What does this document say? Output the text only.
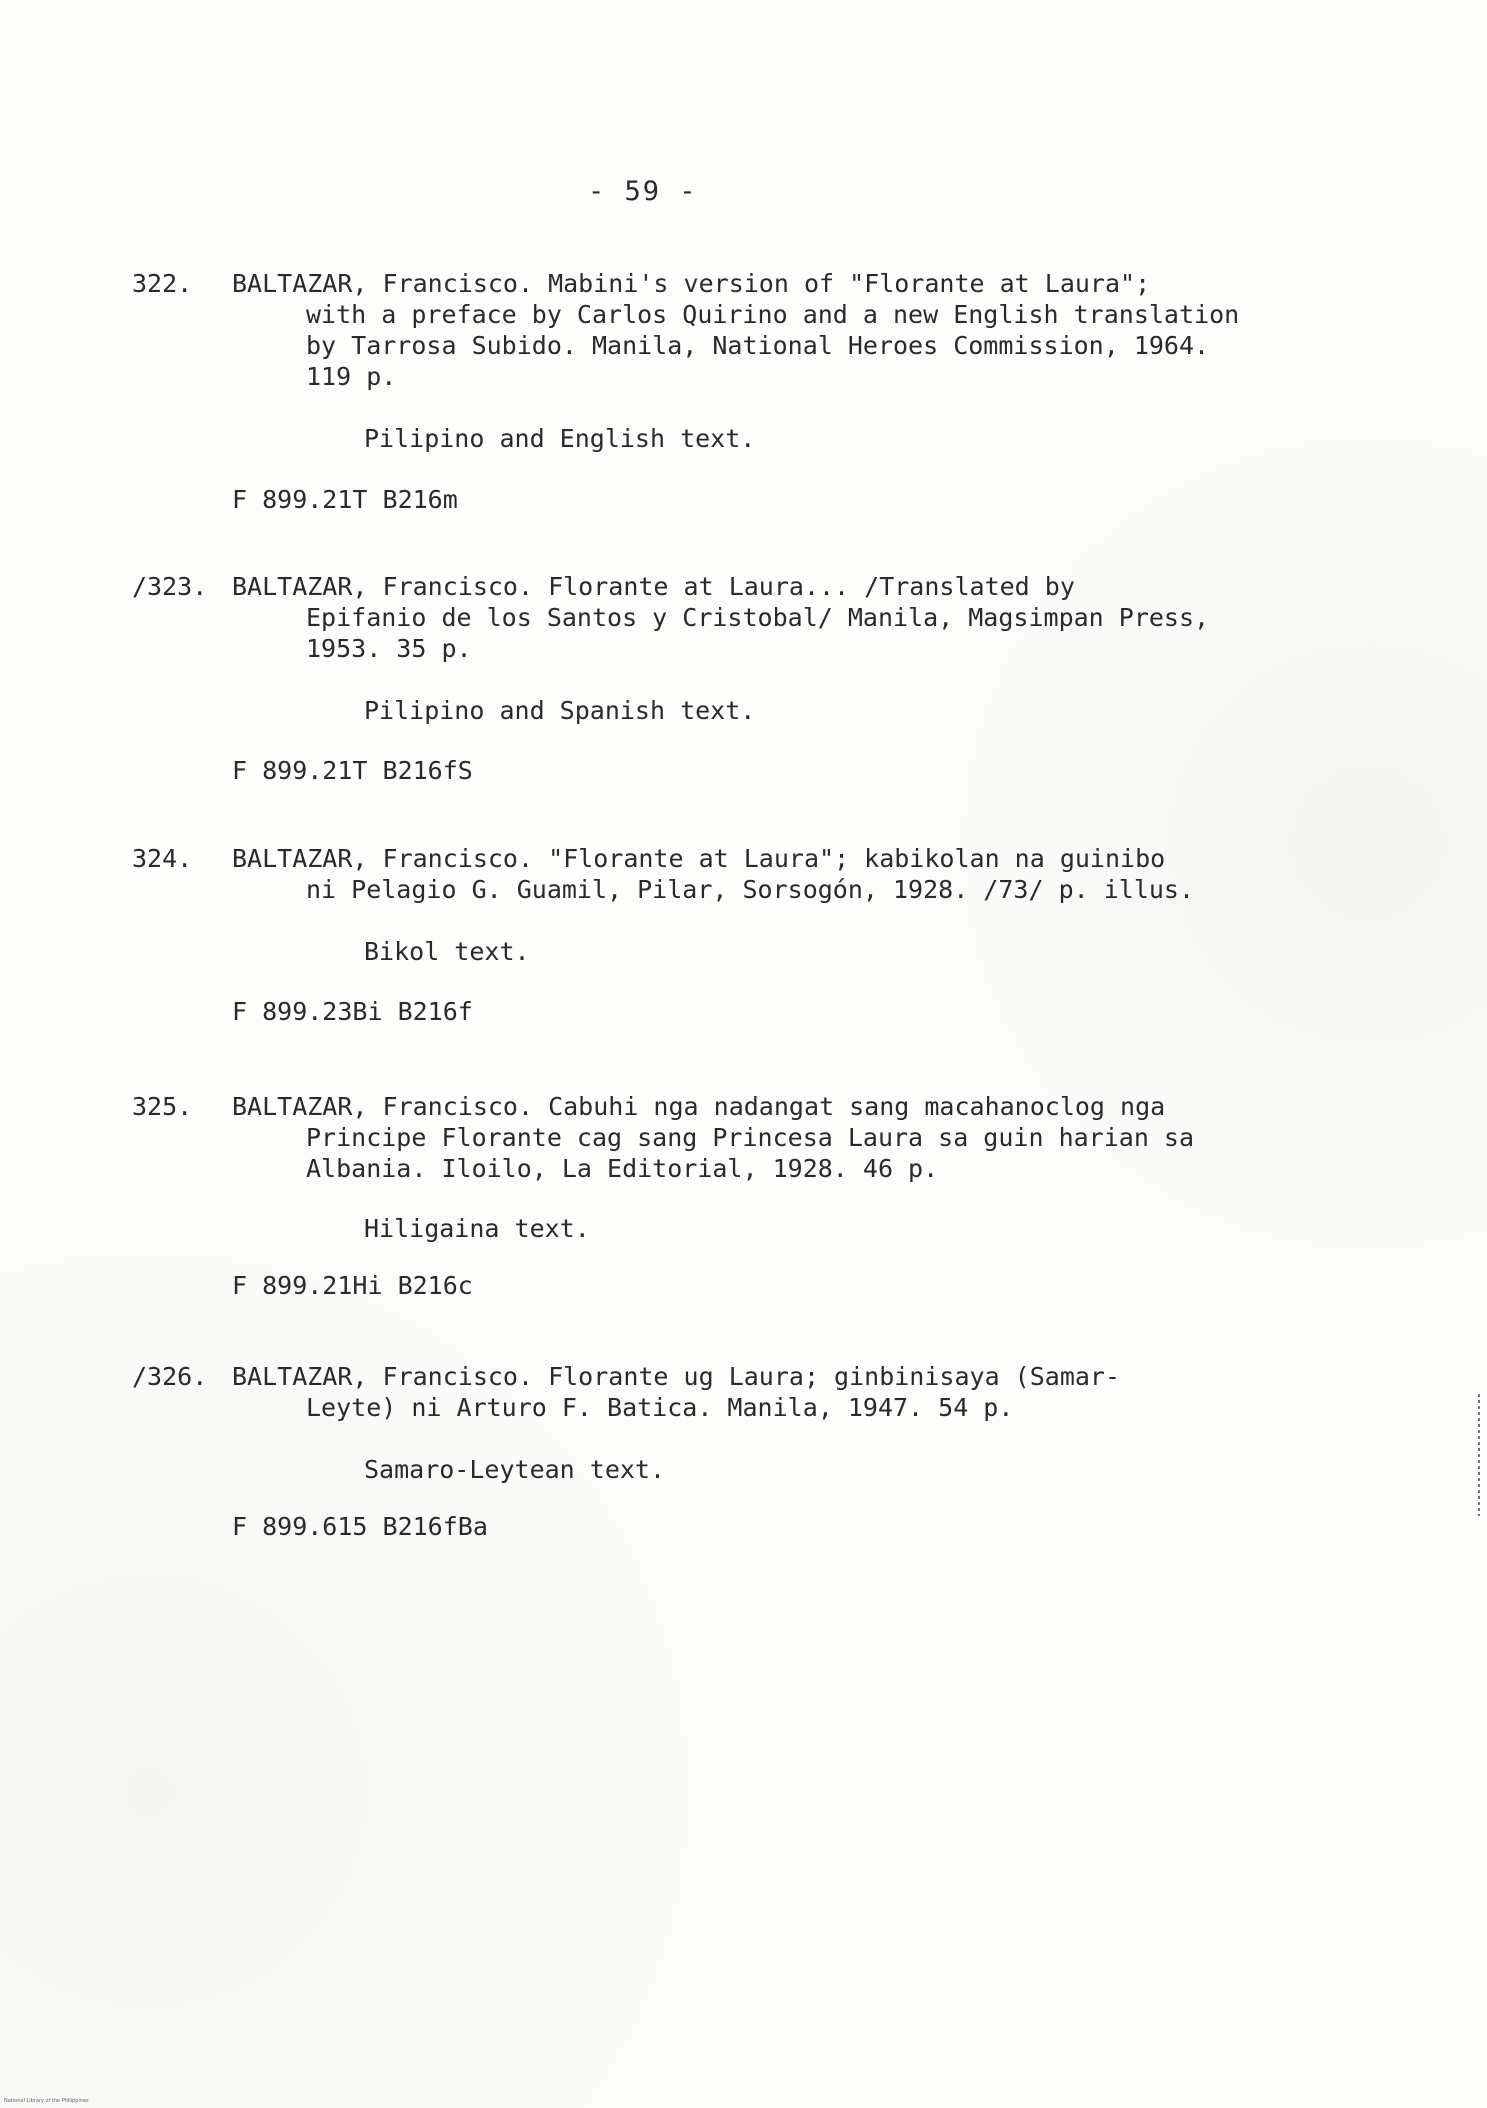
- 59 -
322.	BALTAZAR, Francisco. Mabini's version of "Florante at Laura";
with a preface by Carlos Quirino and a new English translation
by Tarrosa Subido. Manila, National Heroes Commission, 1964.
119 p.
Pilipino and English text.
F 899.21T B216m
/323. BALTAZAR, Francisco. Florante at Laura... /Translated by
Epifanio de los Santos y Cristobal/ Manila, Magsimpan Press,
1953. 35 p.
Pilipino and Spanish text.
F 899.21T B216fS
324.	BALTAZAR, Francisco. "Florante at Laura"; kabikolan na guinibo
ni Pelagio G. Guamil, Pilar, Sorsogón, 1928. /73/ p. illus.
Bikol text.
F 899.23Bi B216f
325.	BALTAZAR, Francisco. Cabuhi nga nadangat sang macahanoclog nga
Principe Florante cag sang Princesa Laura sa guin harian sa
Albania. Iloilo, La Editorial, 1928. 46 p.
Hiligaina text.
F 899.21Hi B216c
/326. BALTAZAR, Francisco. Florante ug Laura; ginbinisaya (Samar-
Leyte) ni Arturo F. Batica. Manila, 1947. 54 p.
Samaro-Leytean text.
F 899.615 B216fBa
National Library of the Philippines
